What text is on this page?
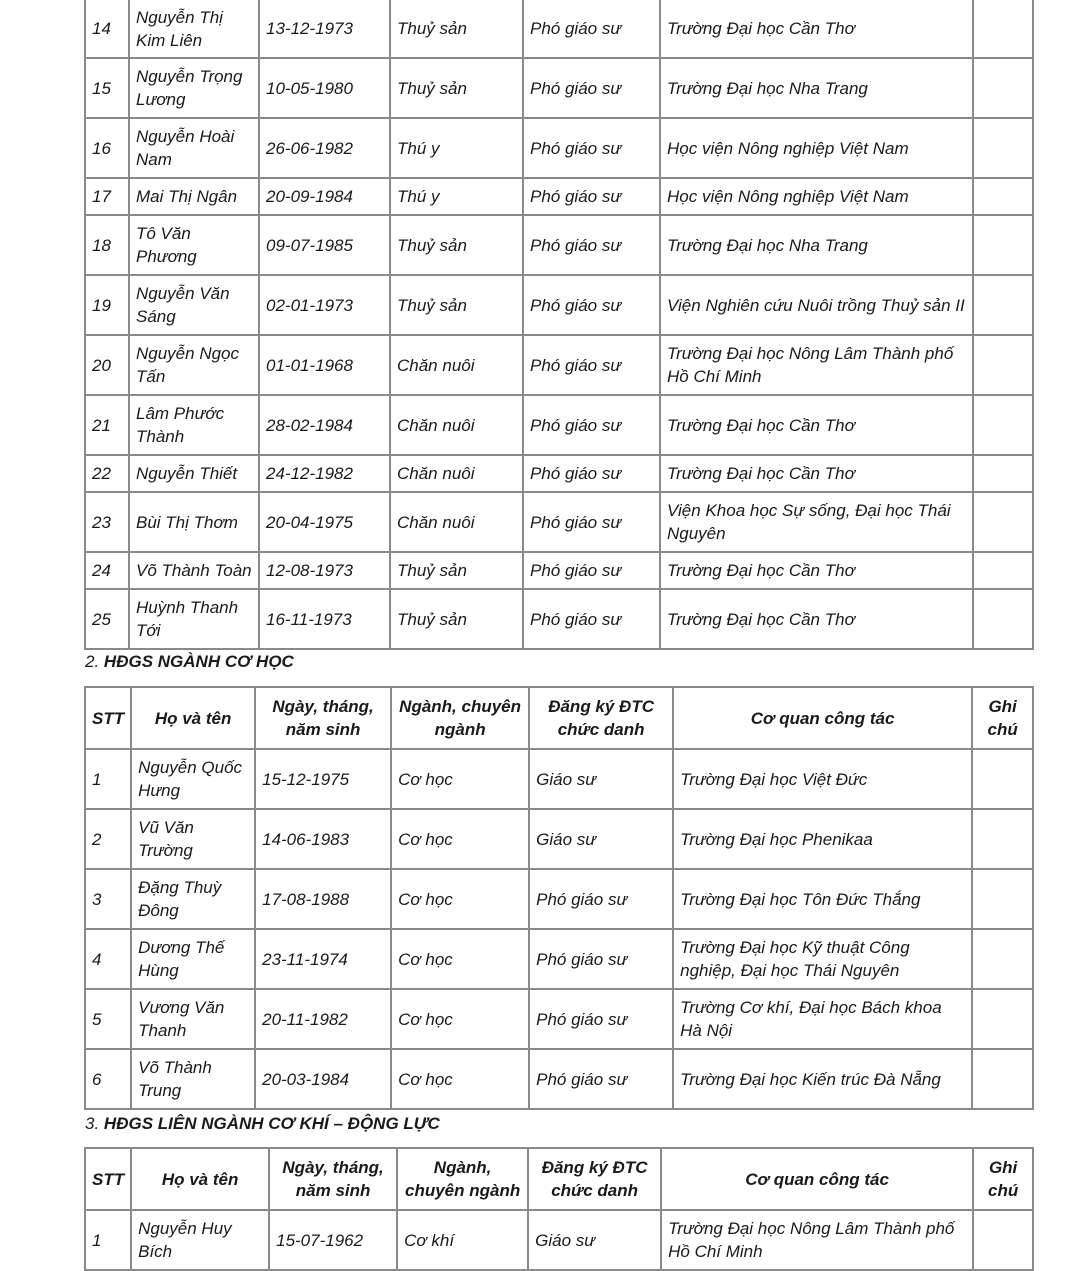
14	Nguyễn Thị Kim Liên	13-12-1973	Thuỷ sản	Phó giáo sư	Trường Đại học Cần Thơ	
15	Nguyễn Trọng Lương	10-05-1980	Thuỷ sản	Phó giáo sư	Trường Đại học Nha Trang	
16	Nguyễn Hoài Nam	26-06-1982	Thú y	Phó giáo sư	Học viện Nông nghiệp Việt Nam	
17	Mai Thị Ngân	20-09-1984	Thú y	Phó giáo sư	Học viện Nông nghiệp Việt Nam	
18	Tô Văn Phương	09-07-1985	Thuỷ sản	Phó giáo sư	Trường Đại học Nha Trang	
19	Nguyễn Văn Sáng	02-01-1973	Thuỷ sản	Phó giáo sư	Viện Nghiên cứu Nuôi trồng Thuỷ sản II	
20	Nguyễn Ngọc Tấn	01-01-1968	Chăn nuôi	Phó giáo sư	Trường Đại học Nông Lâm Thành phố Hồ Chí Minh	
21	Lâm Phước Thành	28-02-1984	Chăn nuôi	Phó giáo sư	Trường Đại học Cần Thơ	
22	Nguyễn Thiết	24-12-1982	Chăn nuôi	Phó giáo sư	Trường Đại học Cần Thơ	
23	Bùi Thị Thơm	20-04-1975	Chăn nuôi	Phó giáo sư	Viện Khoa học Sự sống, Đại học Thái Nguyên	
24	Võ Thành Toàn	12-08-1973	Thuỷ sản	Phó giáo sư	Trường Đại học Cần Thơ	
25	Huỳnh Thanh Tới	16-11-1973	Thuỷ sản	Phó giáo sư	Trường Đại học Cần Thơ	
2. HĐGS NGÀNH CƠ HỌC
STT	Họ và tên	Ngày, tháng, năm sinh	Ngành, chuyên ngành	Đăng ký ĐTC chức danh	Cơ quan công tác	Ghi chú
1	Nguyễn Quốc Hưng	15-12-1975	Cơ học	Giáo sư	Trường Đại học Việt Đức	
2	Vũ Văn Trường	14-06-1983	Cơ học	Giáo sư	Trường Đại học Phenikaa	
3	Đặng Thuỳ Đông	17-08-1988	Cơ học	Phó giáo sư	Trường Đại học Tôn Đức Thắng	
4	Dương Thế Hùng	23-11-1974	Cơ học	Phó giáo sư	Trường Đại học Kỹ thuật Công nghiệp, Đại học Thái Nguyên	
5	Vương Văn Thanh	20-11-1982	Cơ học	Phó giáo sư	Trường Cơ khí, Đại học Bách khoa Hà Nội	
6	Võ Thành Trung	20-03-1984	Cơ học	Phó giáo sư	Trường Đại học Kiến trúc Đà Nẵng	
3. HĐGS LIÊN NGÀNH CƠ KHÍ – ĐỘNG LỰC
STT	Họ và tên	Ngày, tháng, năm sinh	Ngành, chuyên ngành	Đăng ký ĐTC chức danh	Cơ quan công tác	Ghi chú
1	Nguyễn Huy Bích	15-07-1962	Cơ khí	Giáo sư	Trường Đại học Nông Lâm Thành phố Hồ Chí Minh	
